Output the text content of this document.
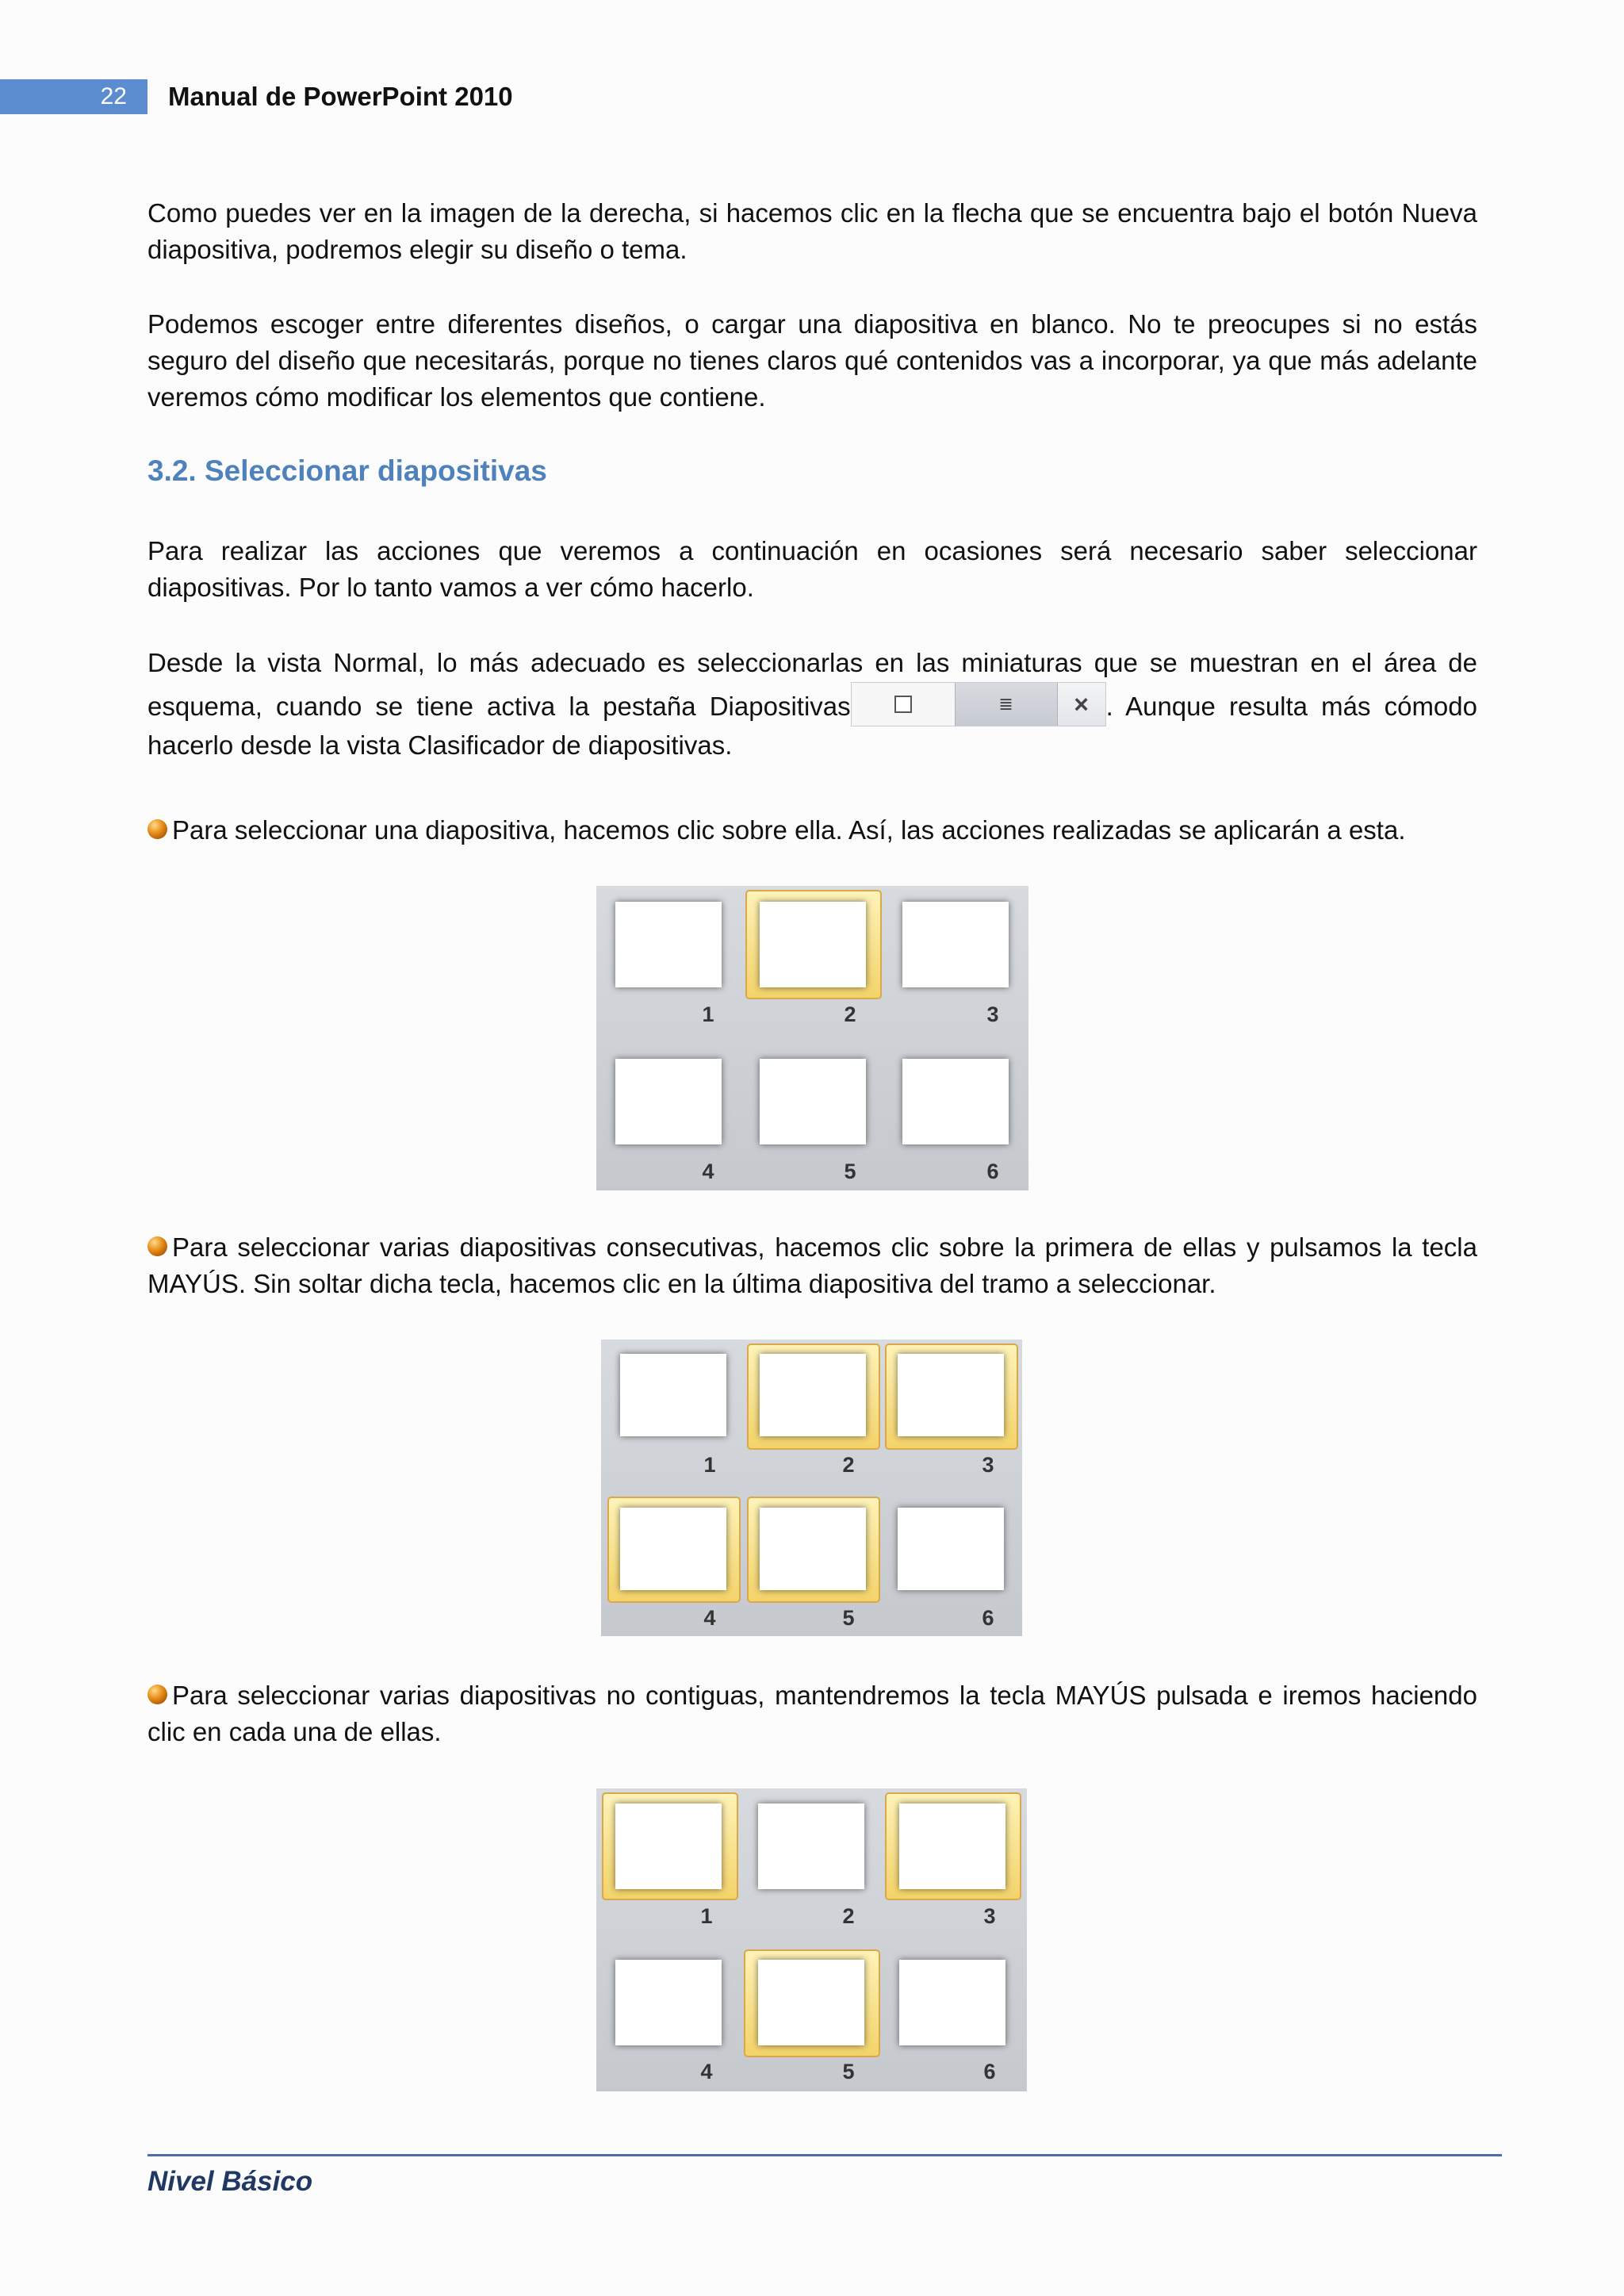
22	Manual de PowerPoint 2010

Como puedes ver en la imagen de la derecha, si hacemos clic en la flecha que se encuentra bajo el botón Nueva diapositiva, podremos elegir su diseño o tema.

Podemos escoger entre diferentes diseños, o cargar una diapositiva en blanco. No te preocupes si no estás seguro del diseño que necesitarás, porque no tienes claros qué contenidos vas a incorporar, ya que más adelante veremos cómo modificar los elementos que contiene.

3.2. Seleccionar diapositivas

Para realizar las acciones que veremos a continuación en ocasiones será necesario saber seleccionar diapositivas. Por lo tanto vamos a ver cómo hacerlo.

Desde la vista Normal, lo más adecuado es seleccionarlas en las miniaturas que se muestran en el área de esquema, cuando se tiene activa la pestaña Diapositivas	≣ × . Aunque resulta más cómodo hacerlo desde la vista Clasificador de diapositivas.

Para seleccionar una diapositiva, hacemos clic sobre ella. Así, las acciones realizadas se aplicarán a esta.

1	2	3
4	5	6

Para seleccionar varias diapositivas consecutivas, hacemos clic sobre la primera de ellas y pulsamos la tecla MAYÚS. Sin soltar dicha tecla, hacemos clic en la última diapositiva del tramo a seleccionar.

1	2	3
4	5	6

Para seleccionar varias diapositivas no contiguas, mantendremos la tecla MAYÚS pulsada e iremos haciendo clic en cada una de ellas.

1	2	3
4	5	6
Nivel Básico
